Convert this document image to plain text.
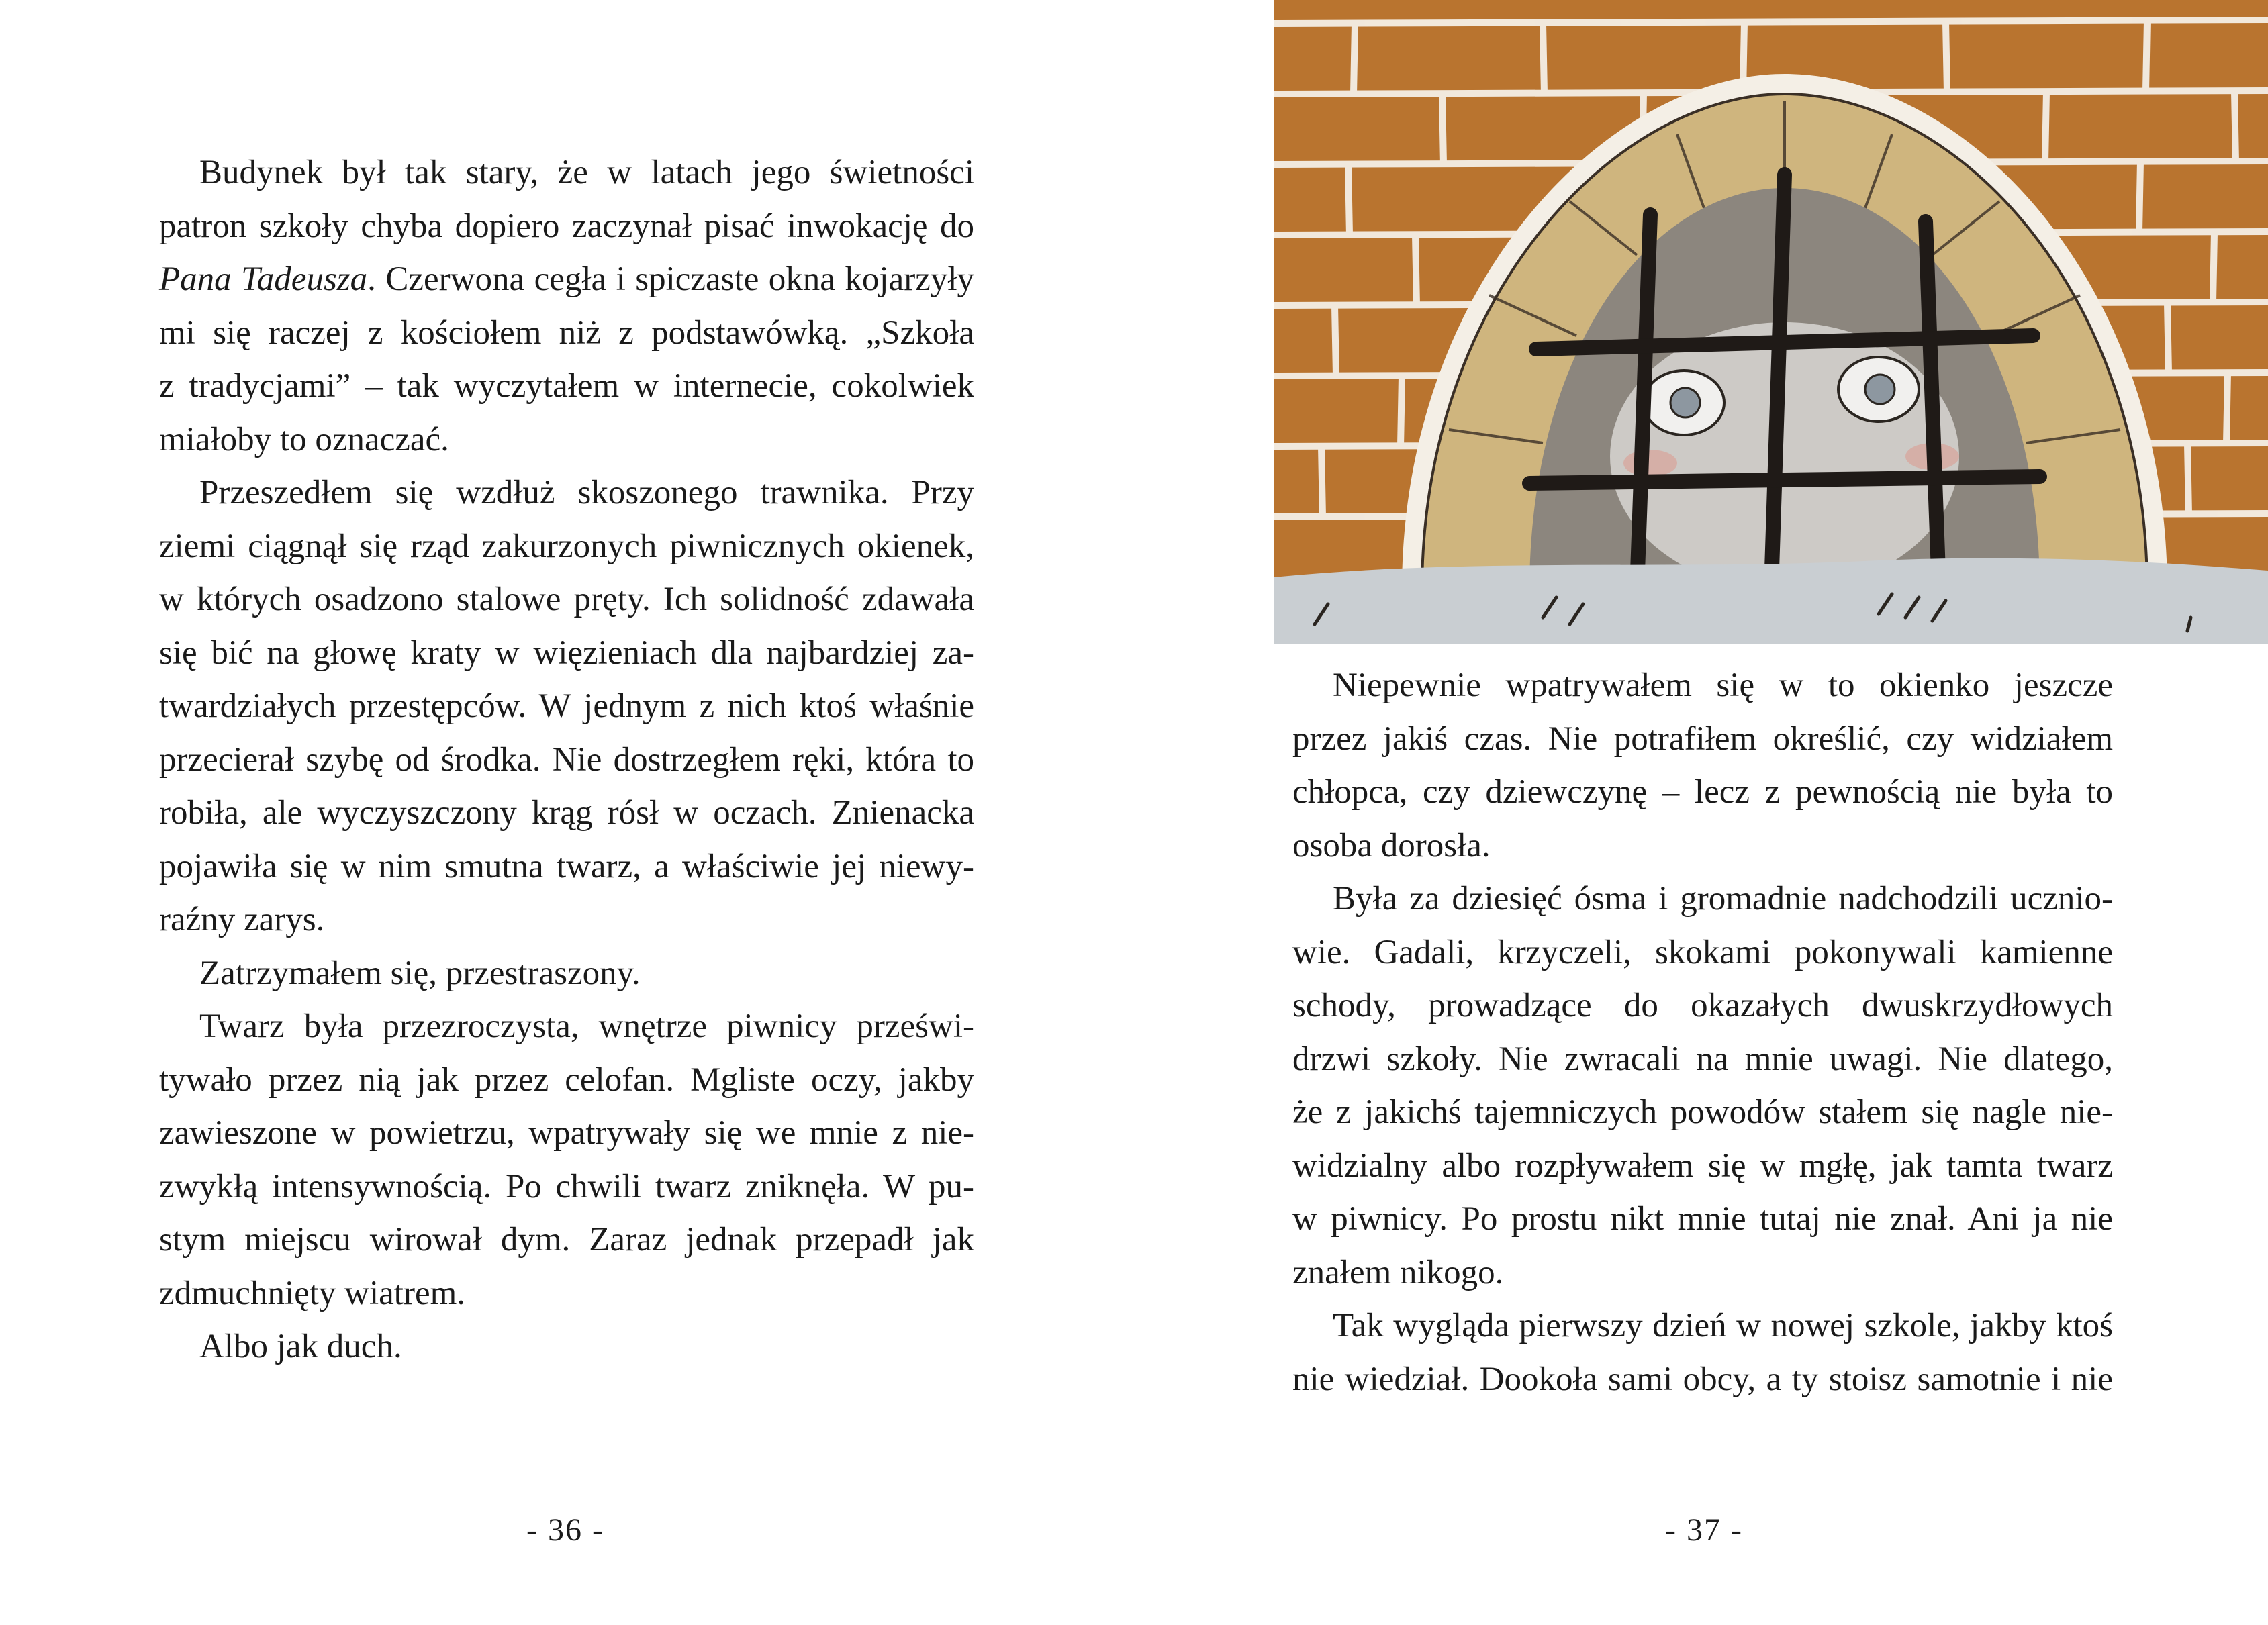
Budynek był tak stary, że w latach jego świetności
patron szkoły chyba dopiero zaczynał pisać inwokację do
Pana Tadeusza. Czerwona cegła i spiczaste okna kojarzyły
mi się raczej z kościołem niż z podstawówką. „Szkoła
z tradycjami” – tak wyczytałem w internecie, cokolwiek
miałoby to oznaczać.
Przeszedłem się wzdłuż skoszonego trawnika. Przy
ziemi ciągnął się rząd zakurzonych piwnicznych okienek,
w których osadzono stalowe pręty. Ich solidność zdawała
się bić na głowę kraty w więzieniach dla najbardziej za-
twardziałych przestępców. W jednym z nich ktoś właśnie
przecierał szybę od środka. Nie dostrzegłem ręki, która to
robiła, ale wyczyszczony krąg rósł w oczach. Znienacka
pojawiła się w nim smutna twarz, a właściwie jej niewy-
raźny zarys.
Zatrzymałem się, przestraszony.
Twarz była przezroczysta, wnętrze piwnicy prześwi-
tywało przez nią jak przez celofan. Mgliste oczy, jakby
zawieszone w powietrzu, wpatrywały się we mnie z nie-
zwykłą intensywnością. Po chwili twarz zniknęła. W pu-
stym miejscu wirował dym. Zaraz jednak przepadł jak
zdmuchnięty wiatrem.
Albo jak duch.
- 36 -
Niepewnie wpatrywałem się w to okienko jeszcze
przez jakiś czas. Nie potrafiłem określić, czy widziałem
chłopca, czy dziewczynę – lecz z pewnością nie była to
osoba dorosła.
Była za dziesięć ósma i gromadnie nadchodzili ucznio-
wie. Gadali, krzyczeli, skokami pokonywali kamienne
schody, prowadzące do okazałych dwuskrzydłowych
drzwi szkoły. Nie zwracali na mnie uwagi. Nie dlatego,
że z jakichś tajemniczych powodów stałem się nagle nie-
widzialny albo rozpływałem się w mgłę, jak tamta twarz
w piwnicy. Po prostu nikt mnie tutaj nie znał. Ani ja nie
znałem nikogo.
Tak wygląda pierwszy dzień w nowej szkole, jakby ktoś
nie wiedział. Dookoła sami obcy, a ty stoisz samotnie i nie
- 37 -
